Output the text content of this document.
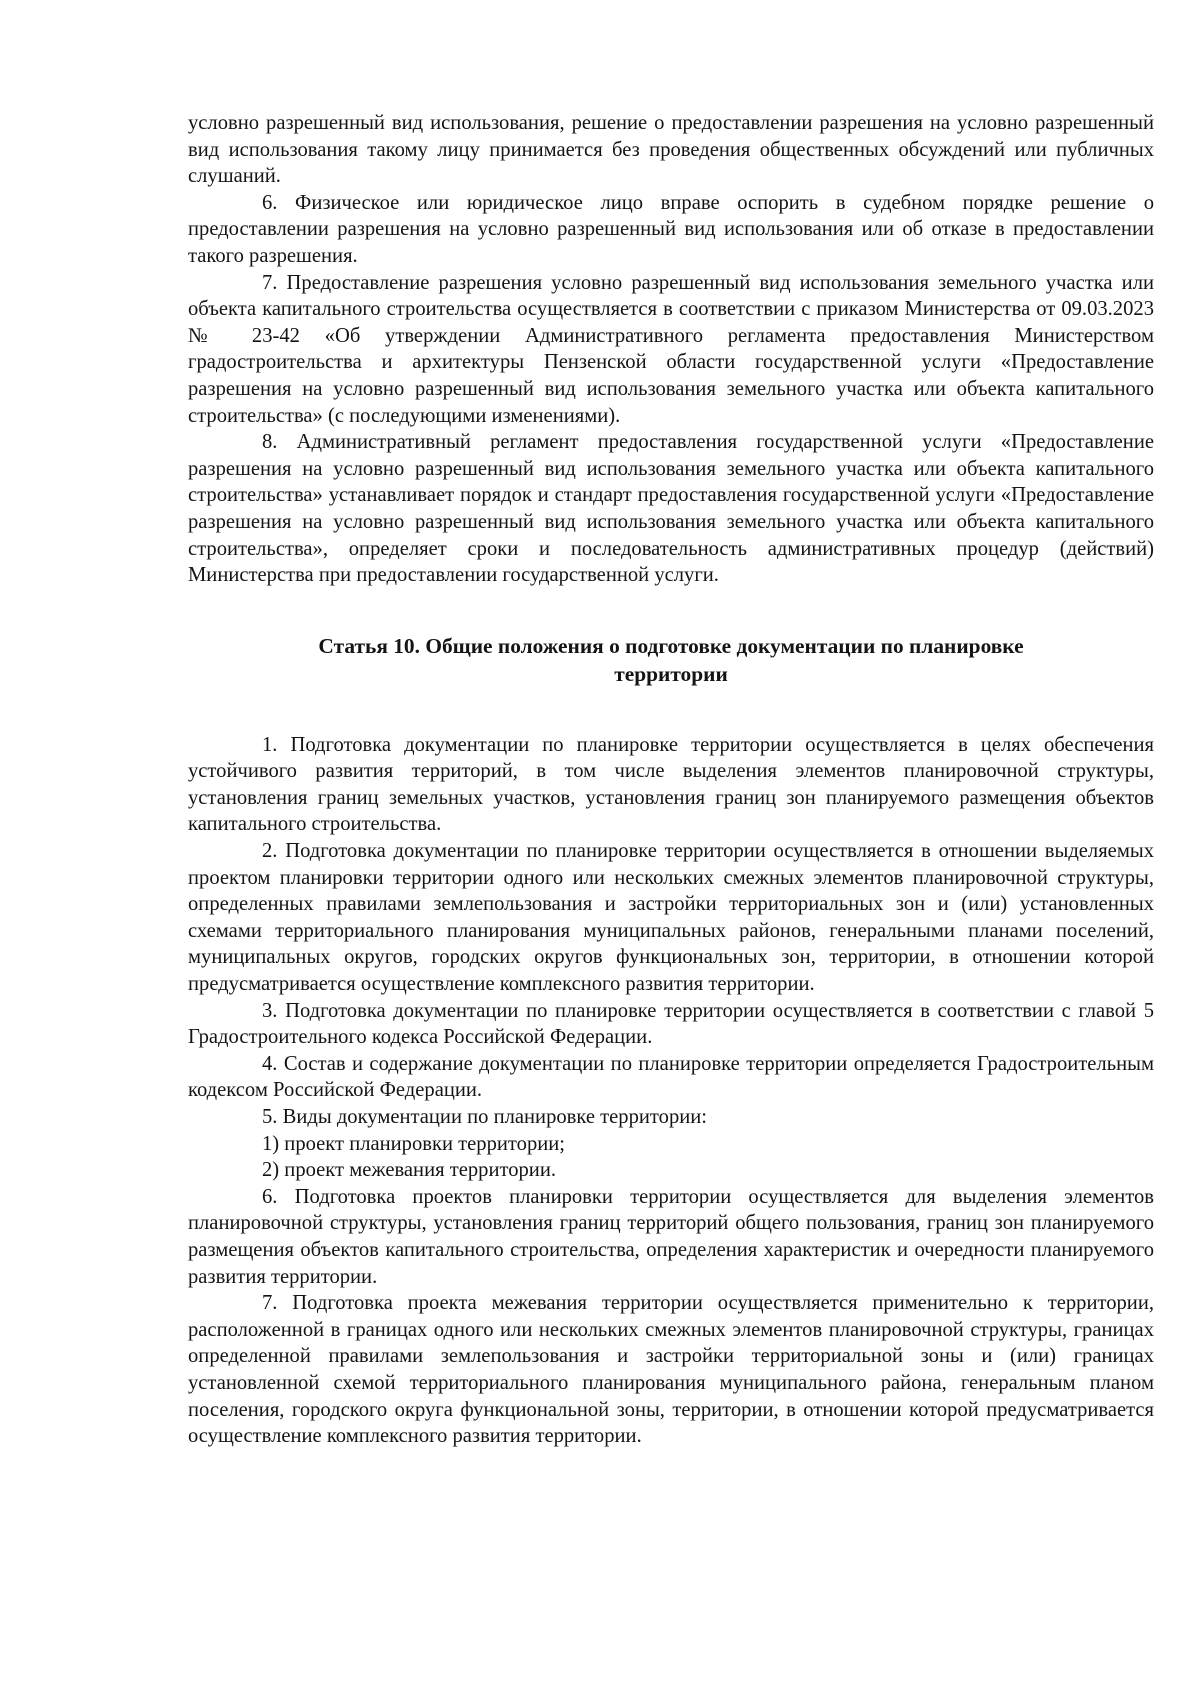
условно разрешенный вид использования, решение о предоставлении разрешения на условно разрешенный вид использования такому лицу принимается без проведения общественных обсуждений или публичных слушаний.

6. Физическое или юридическое лицо вправе оспорить в судебном порядке решение о предоставлении разрешения на условно разрешенный вид использования или об отказе в предоставлении такого разрешения.

7. Предоставление разрешения условно разрешенный вид использования земельного участка или объекта капитального строительства осуществляется в соответствии с приказом Министерства от 09.03.2023 № 23-42 «Об утверждении Административного регламента предоставления Министерством градостроительства и архитектуры Пензенской области государственной услуги «Предоставление разрешения на условно разрешенный вид использования земельного участка или объекта капитального строительства» (с последующими изменениями).

8. Административный регламент предоставления государственной услуги «Предоставление разрешения на условно разрешенный вид использования земельного участка или объекта капитального строительства» устанавливает порядок и стандарт предоставления государственной услуги «Предоставление разрешения на условно разрешенный вид использования земельного участка или объекта капитального строительства», определяет сроки и последовательность административных процедур (действий) Министерства при предоставлении государственной услуги.

Статья 10. Общие положения о подготовке документации по планировке
территории

1. Подготовка документации по планировке территории осуществляется в целях обеспечения устойчивого развития территорий, в том числе выделения элементов планировочной структуры, установления границ земельных участков, установления границ зон планируемого размещения объектов капитального строительства.

2. Подготовка документации по планировке территории осуществляется в отношении выделяемых проектом планировки территории одного или нескольких смежных элементов планировочной структуры, определенных правилами землепользования и застройки территориальных зон и (или) установленных схемами территориального планирования муниципальных районов, генеральными планами поселений, муниципальных округов, городских округов функциональных зон, территории, в отношении которой предусматривается осуществление комплексного развития территории.

3. Подготовка документации по планировке территории осуществляется в соответствии с главой 5 Градостроительного кодекса Российской Федерации.

4. Состав и содержание документации по планировке территории определяется Градостроительным кодексом Российской Федерации.

5. Виды документации по планировке территории:

1) проект планировки территории;

2) проект межевания территории.

6. Подготовка проектов планировки территории осуществляется для выделения элементов планировочной структуры, установления границ территорий общего пользования, границ зон планируемого размещения объектов капитального строительства, определения характеристик и очередности планируемого развития территории.

7. Подготовка проекта межевания территории осуществляется применительно к территории, расположенной в границах одного или нескольких смежных элементов планировочной структуры, границах определенной правилами землепользования и застройки территориальной зоны и (или) границах установленной схемой территориального планирования муниципального района, генеральным планом поселения, городского округа функциональной зоны, территории, в отношении которой предусматривается осуществление комплексного развития территории.
